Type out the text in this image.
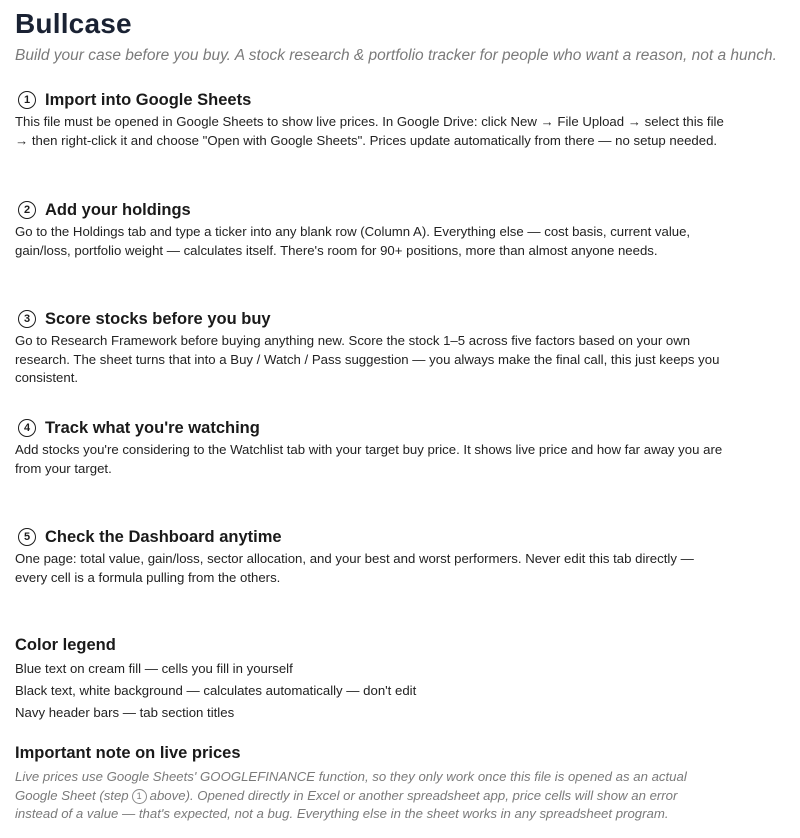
Bullcase

Build your case before you buy. A stock research & portfolio tracker for people who want a reason, not a hunch.

1 Import into Google Sheets

This file must be opened in Google Sheets to show live prices. In Google Drive: click New → File Upload → select this file → then right-click it and choose "Open with Google Sheets". Prices update automatically from there — no setup needed.

2 Add your holdings

Go to the Holdings tab and type a ticker into any blank row (Column A). Everything else — cost basis, current value, gain/loss, portfolio weight — calculates itself. There's room for 90+ positions, more than almost anyone needs.

3 Score stocks before you buy

Go to Research Framework before buying anything new. Score the stock 1–5 across five factors based on your own research. The sheet turns that into a Buy / Watch / Pass suggestion — you always make the final call, this just keeps you consistent.

4 Track what you're watching

Add stocks you're considering to the Watchlist tab with your target buy price. It shows live price and how far away you are from your target.

5 Check the Dashboard anytime

One page: total value, gain/loss, sector allocation, and your best and worst performers. Never edit this tab directly — every cell is a formula pulling from the others.

Color legend
Blue text on cream fill — cells you fill in yourself
Black text, white background — calculates automatically — don't edit
Navy header bars — tab section titles
Important note on live prices

Live prices use Google Sheets' GOOGLEFINANCE function, so they only work once this file is opened as an actual Google Sheet (step 1 above). Opened directly in Excel or another spreadsheet app, price cells will show an error instead of a value — that's expected, not a bug. Everything else in the sheet works in any spreadsheet program.
